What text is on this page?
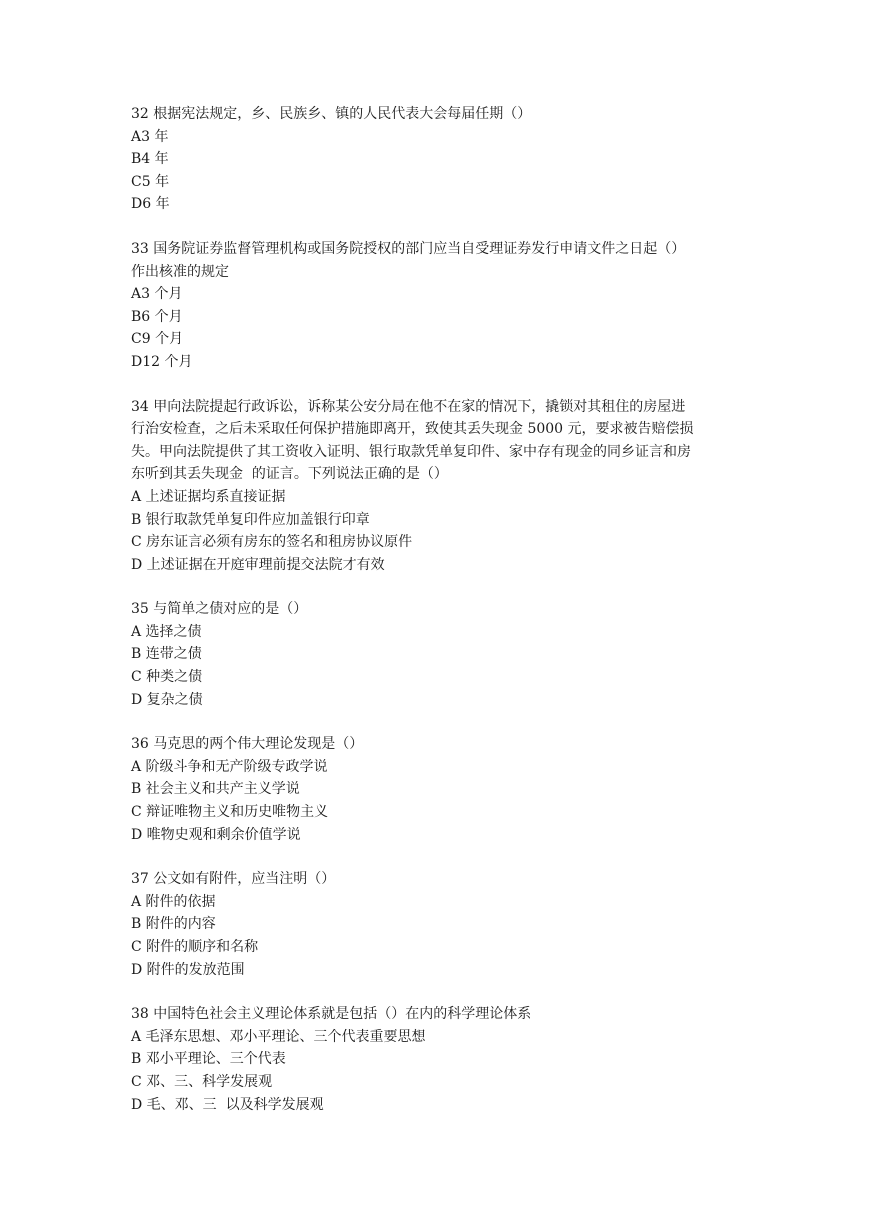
32 根据宪法规定，乡、民族乡、镇的人民代表大会每届任期（）
A3 年
B4 年
C5 年
D6 年
33 国务院证券监督管理机构或国务院授权的部门应当自受理证券发行申请文件之日起（）
作出核准的规定
A3 个月
B6 个月
C9 个月
D12 个月
34 甲向法院提起行政诉讼，诉称某公安分局在他不在家的情况下，撬锁对其租住的房屋进
行治安检查，之后未采取任何保护措施即离开，致使其丢失现金 5000 元，要求被告赔偿损
失。甲向法院提供了其工资收入证明、银行取款凭单复印件、家中存有现金的同乡证言和房
东听到其丢失现金  的证言。下列说法正确的是（）
A 上述证据均系直接证据
B 银行取款凭单复印件应加盖银行印章
C 房东证言必须有房东的签名和租房协议原件
D 上述证据在开庭审理前提交法院才有效
35 与简单之债对应的是（）
A 选择之债
B 连带之债
C 种类之债
D 复杂之债
36 马克思的两个伟大理论发现是（）
A 阶级斗争和无产阶级专政学说
B 社会主义和共产主义学说
C 辩证唯物主义和历史唯物主义
D 唯物史观和剩余价值学说
37 公文如有附件，应当注明（）
A 附件的依据
B 附件的内容
C 附件的顺序和名称
D 附件的发放范围
38 中国特色社会主义理论体系就是包括（）在内的科学理论体系
A 毛泽东思想、邓小平理论、三个代表重要思想
B 邓小平理论、三个代表
C 邓、三、科学发展观
D 毛、邓、三  以及科学发展观
